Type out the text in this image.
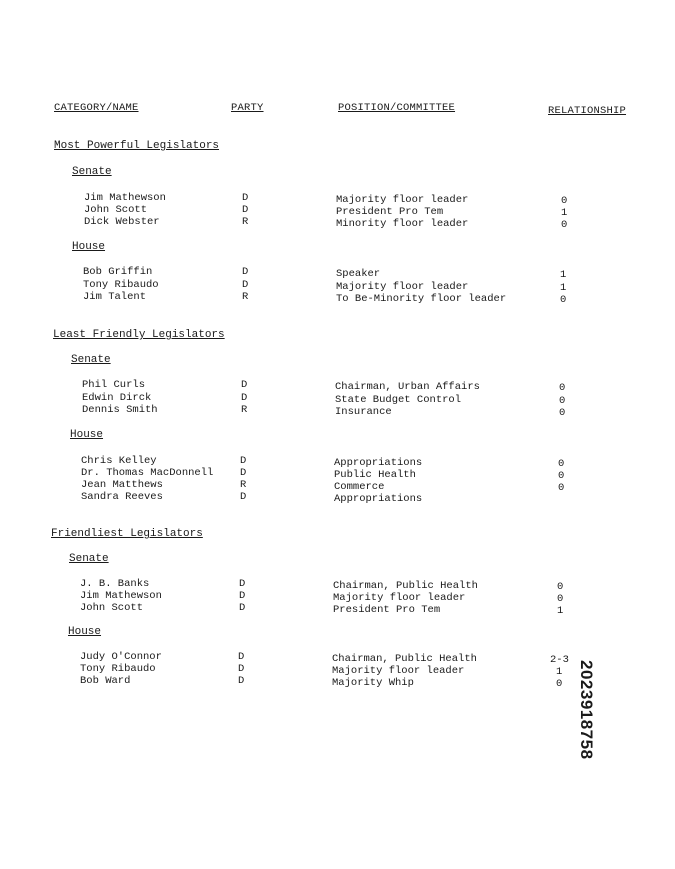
CATEGORY/NAME	PARTY	POSITION/COMMITTEE	RELATIONSHIP
Most Powerful Legislators
Senate
Jim Mathewson	D	Majority floor leader	0
John Scott	D	President Pro Tem	1
Dick Webster	R	Minority floor leader	0
House
Bob Griffin	D	Speaker	1
Tony Ribaudo	D	Majority floor leader	1
Jim Talent	R	To Be-Minority floor leader	0
Least Friendly Legislators
Senate
Phil Curls	D	Chairman, Urban Affairs	0
Edwin Dirck	D	State Budget Control	0
Dennis Smith	R	Insurance	0
House
Chris Kelley	D	Appropriations	0
Dr. Thomas MacDonnell	D	Public Health	0
Jean Matthews	R	Commerce	0
Sandra Reeves	D	Appropriations
Friendliest Legislators
Senate
J. B. Banks	D	Chairman, Public Health	0
Jim Mathewson	D	Majority floor leader	0
John Scott	D	President Pro Tem	1
House
Judy O'Connor	D	Chairman, Public Health	2-3
Tony Ribaudo	D	Majority floor leader	1
Bob Ward	D	Majority Whip	0 2023918758
